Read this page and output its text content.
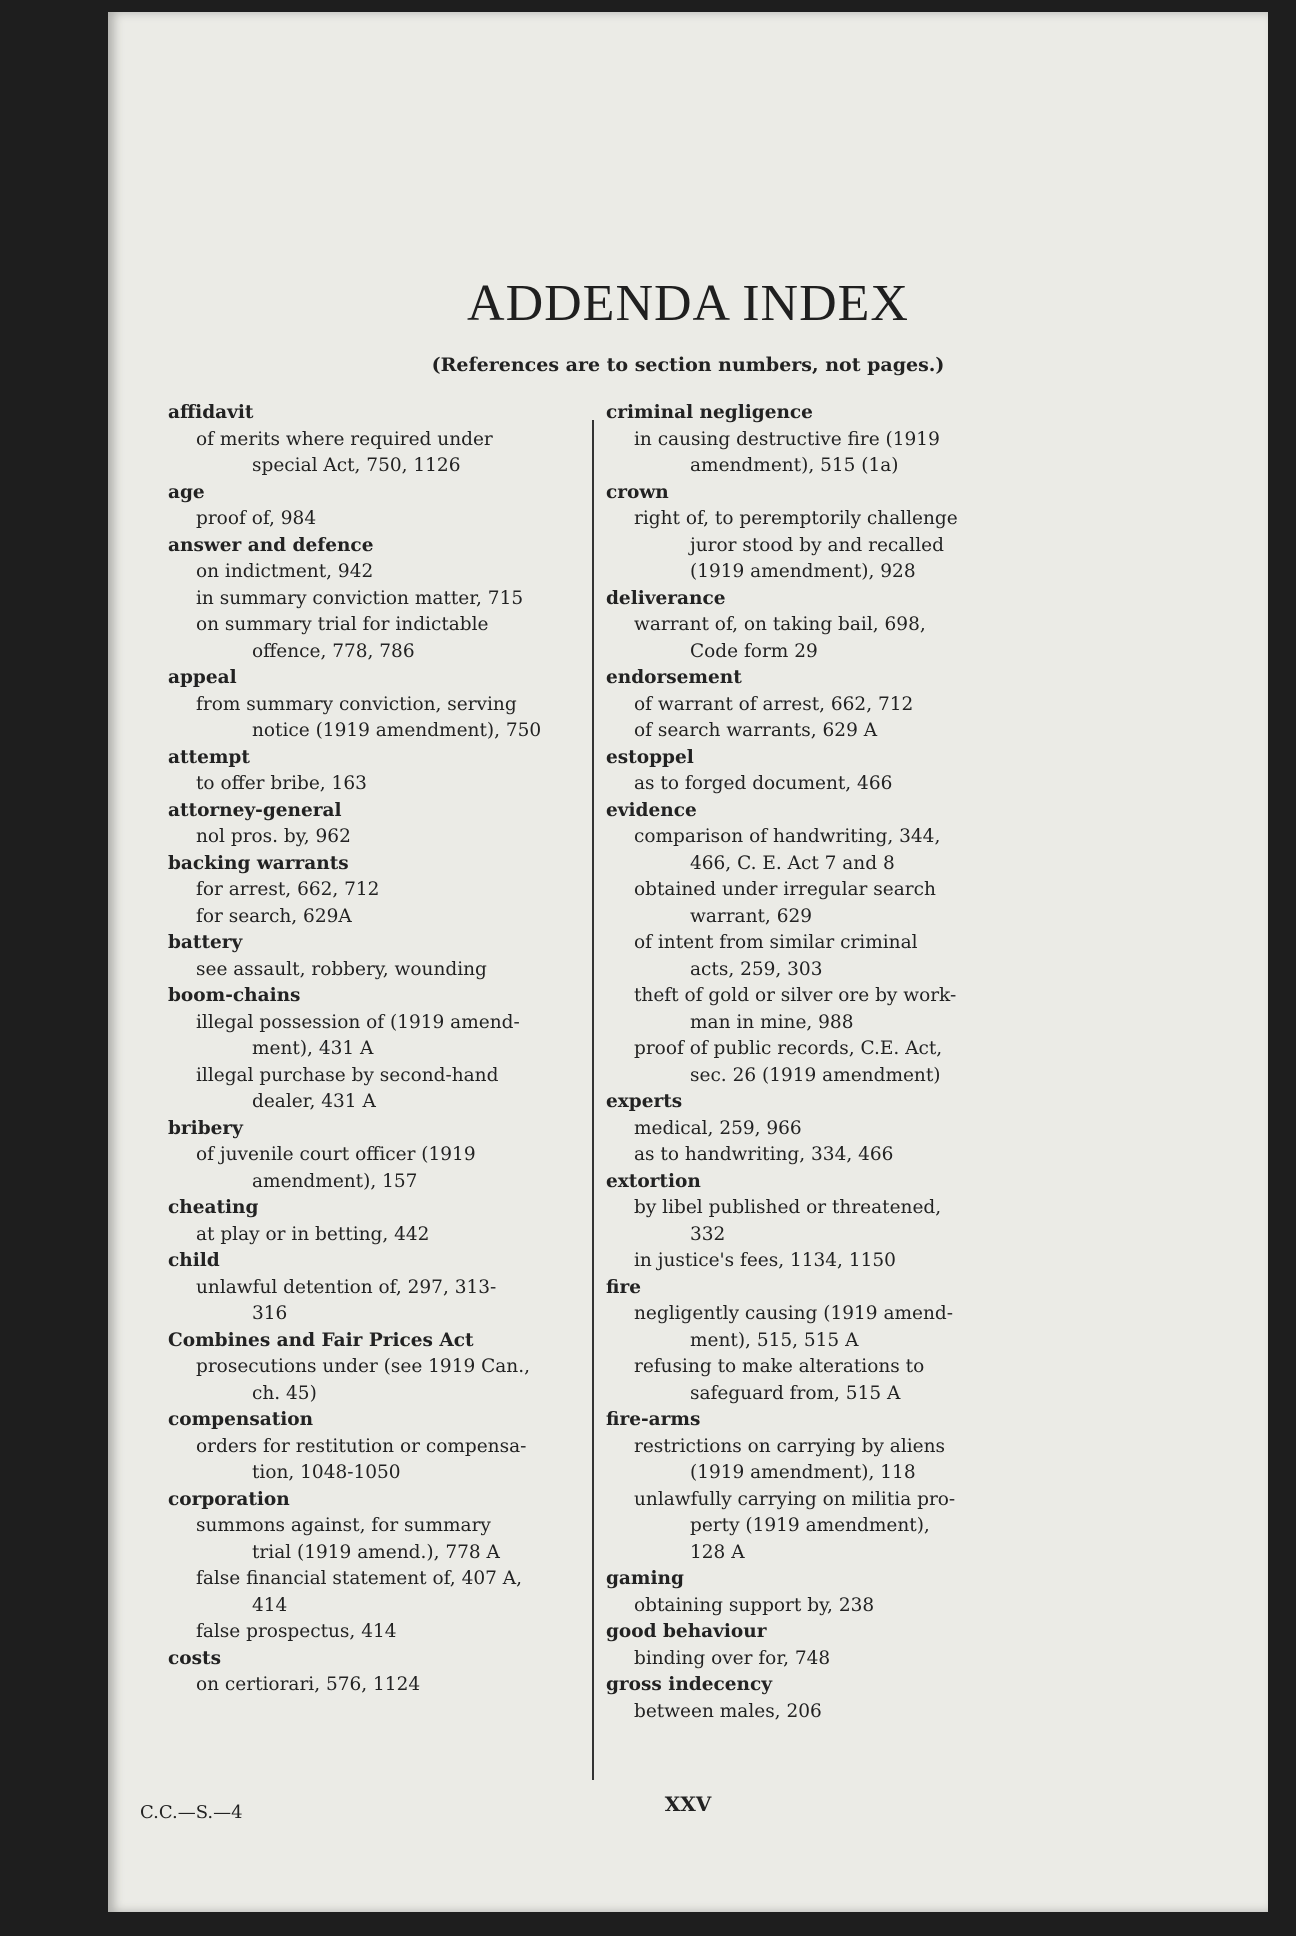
ADDENDA INDEX
(References are to section numbers, not pages.)
affidavit
of merits where required under
special Act, 750, 1126
age
proof of, 984
answer and defence
on indictment, 942
in summary conviction matter, 715
on summary trial for indictable
offence, 778, 786
appeal
from summary conviction, serving
notice (1919 amendment), 750
attempt
to offer bribe, 163
attorney-general
nol pros. by, 962
backing warrants
for arrest, 662, 712
for search, 629A
battery
see assault, robbery, wounding
boom-chains
illegal possession of (1919 amend-
ment), 431 A
illegal purchase by second-hand
dealer, 431 A
bribery
of juvenile court officer (1919
amendment), 157
cheating
at play or in betting, 442
child
unlawful detention of, 297, 313-
316
Combines and Fair Prices Act
prosecutions under (see 1919 Can.,
ch. 45)
compensation
orders for restitution or compensa-
tion, 1048-1050
corporation
summons against, for summary
trial (1919 amend.), 778 A
false financial statement of, 407 A,
414
false prospectus, 414
costs
on certiorari, 576, 1124
criminal negligence
in causing destructive fire (1919
amendment), 515 (1a)
crown
right of, to peremptorily challenge
juror stood by and recalled
(1919 amendment), 928
deliverance
warrant of, on taking bail, 698,
Code form 29
endorsement
of warrant of arrest, 662, 712
of search warrants, 629 A
estoppel
as to forged document, 466
evidence
comparison of handwriting, 344,
466, C. E. Act 7 and 8
obtained under irregular search
warrant, 629
of intent from similar criminal
acts, 259, 303
theft of gold or silver ore by work-
man in mine, 988
proof of public records, C.E. Act,
sec. 26 (1919 amendment)
experts
medical, 259, 966
as to handwriting, 334, 466
extortion
by libel published or threatened,
332
in justice's fees, 1134, 1150
fire
negligently causing (1919 amend-
ment), 515, 515 A
refusing to make alterations to
safeguard from, 515 A
fire-arms
restrictions on carrying by aliens
(1919 amendment), 118
unlawfully carrying on militia pro-
perty (1919 amendment),
128 A
gaming
obtaining support by, 238
good behaviour
binding over for, 748
gross indecency
between males, 206
C.C.—S.—4	XXV
